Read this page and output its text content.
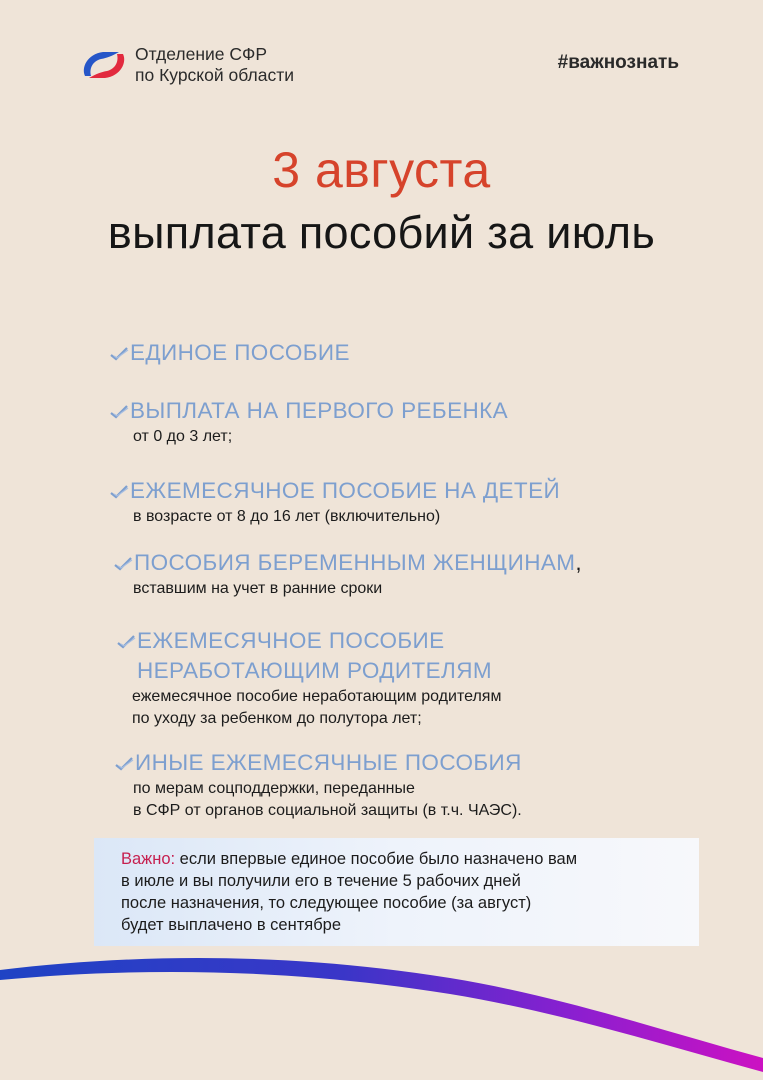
Отделение СФР
по Курской области
#важнознать
3 августа
выплата пособий за июль
ЕДИНОЕ ПОСОБИЕ
ВЫПЛАТА НА ПЕРВОГО РЕБЕНКА
от 0 до 3 лет;
ЕЖЕМЕСЯЧНОЕ ПОСОБИЕ НА ДЕТЕЙ
в возрасте от 8 до 16 лет (включительно)
ПОСОБИЯ БЕРЕМЕННЫМ ЖЕНЩИНАМ,
вставшим на учет в ранние сроки
ЕЖЕМЕСЯЧНОЕ ПОСОБИЕ
НЕРАБОТАЮЩИМ РОДИТЕЛЯМ
ежемесячное пособие неработающим родителям
по уходу за ребенком до полутора лет;
ИНЫЕ ЕЖЕМЕСЯЧНЫЕ ПОСОБИЯ
по мерам соцподдержки, переданные
в СФР от органов социальной защиты (в т.ч. ЧАЭС).
Важно: если впервые единое пособие было назначено вам
в июле и вы получили его в течение 5 рабочих дней
после назначения, то следующее пособие (за август)
будет выплачено в сентябре
